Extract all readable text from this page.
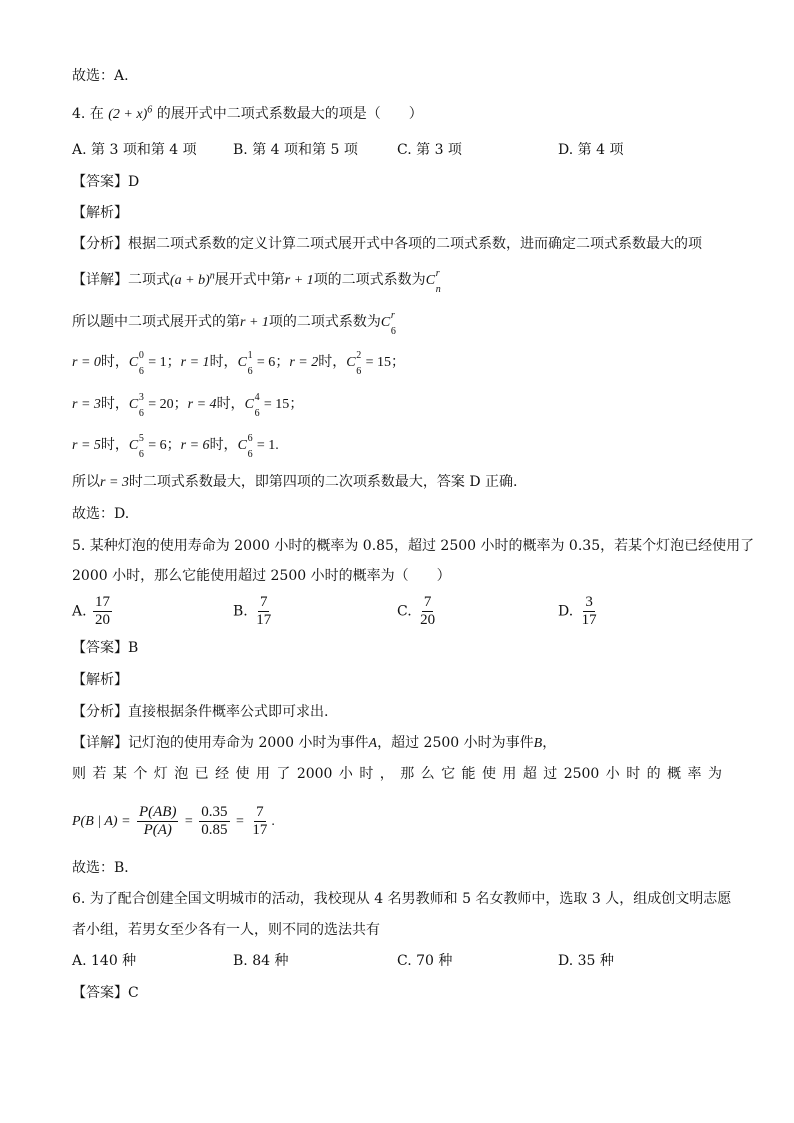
故选：A.
4. 在 $(2 + x)^6$ 的展开式中二项式系数最大的项是（　　）
A. 第 3 项和第 4 项	B. 第 4 项和第 5 项	C. 第 3 项	D. 第 4 项
【答案】D
【解析】
【分析】根据二项式系数的定义计算二项式展开式中各项的二项式系数，进而确定二项式系数最大的项
【详解】二项式$(a + b)^n$展开式中第r + 1项的二项式系数为C r
n
所以题中二项式展开式的第r + 1项的二项式系数为C r
6
r = 0时，C 0
6
= 1；r = 1时，C 1
6
= 6；r = 2时，C 2
6
= 15；
r = 3时，C 3
6
= 20；r = 4时，C 4
6
= 15；
r = 5时，C 5
6
= 6；r = 6时，C 6
6
= 1.
所以r = 3时二项式系数最大，即第四项的二次项系数最大，答案 D 正确.
故选：D.
5. 某种灯泡的使用寿命为 2000 小时的概率为 0.85，超过 2500 小时的概率为 0.35，若某个灯泡已经使用了
2000 小时，那么它能使用超过 2500 小时的概率为（　　）
A. $\frac{17}{20}$	B. $\frac{7}{17}$	C. $\frac{7}{20}$	D. $\frac{3}{17}$
【答案】B
【解析】
【分析】直接根据条件概率公式即可求出.
【详解】记灯泡的使用寿命为 2000 小时为事件A，超过 2500 小时为事件B，
则 若 某 个 灯 泡 已 经 使 用 了 2000 小 时 ， 那 么 它 能 使 用 超 过 2500 小 时 的 概 率 为
P(B | $A) = \frac{P(AB)}{P(A)} = \frac{0.35}{0.85} = \frac{7}{17}$ .
故选：B．
6. 为了配合创建全国文明城市的活动，我校现从 4 名男教师和 5 名女教师中，选取 3 人，组成创文明志愿
者小组，若男女至少各有一人，则不同的选法共有
A. 140 种	B. 84 种	C. 70 种	D. 35 种
【答案】C
